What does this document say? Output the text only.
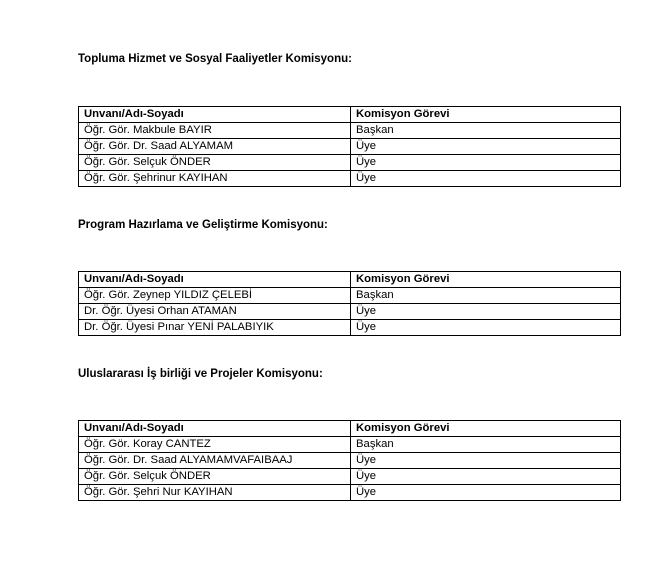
Topluma Hizmet ve Sosyal Faaliyetler Komisyonu:
Unvanı/Adı-Soyadı	Komisyon Görevi
Öğr. Gör. Makbule BAYIR	Başkan
Öğr. Gör. Dr. Saad ALYAMAM	Üye
Öğr. Gör. Selçuk ÖNDER	Üye
Öğr. Gör. Şehrinur KAYIHAN	Üye
Program Hazırlama ve Geliştirme Komisyonu:
Unvanı/Adı-Soyadı	Komisyon Görevi
Öğr. Gör. Zeynep YILDIZ ÇELEBİ	Başkan
Dr. Öğr. Üyesi Orhan ATAMAN	Üye
Dr. Öğr. Üyesi Pınar YENİ PALABIYIK	Üye
Uluslararası İş birliği ve Projeler Komisyonu:
Unvanı/Adı-Soyadı	Komisyon Görevi
Öğr. Gör. Koray CANTEZ	Başkan
Öğr. Gör. Dr. Saad ALYAMAMVAFAIBAAJ	Üye
Öğr. Gör. Selçuk ÖNDER	Üye
Öğr. Gör. Şehri Nur KAYIHAN	Üye
